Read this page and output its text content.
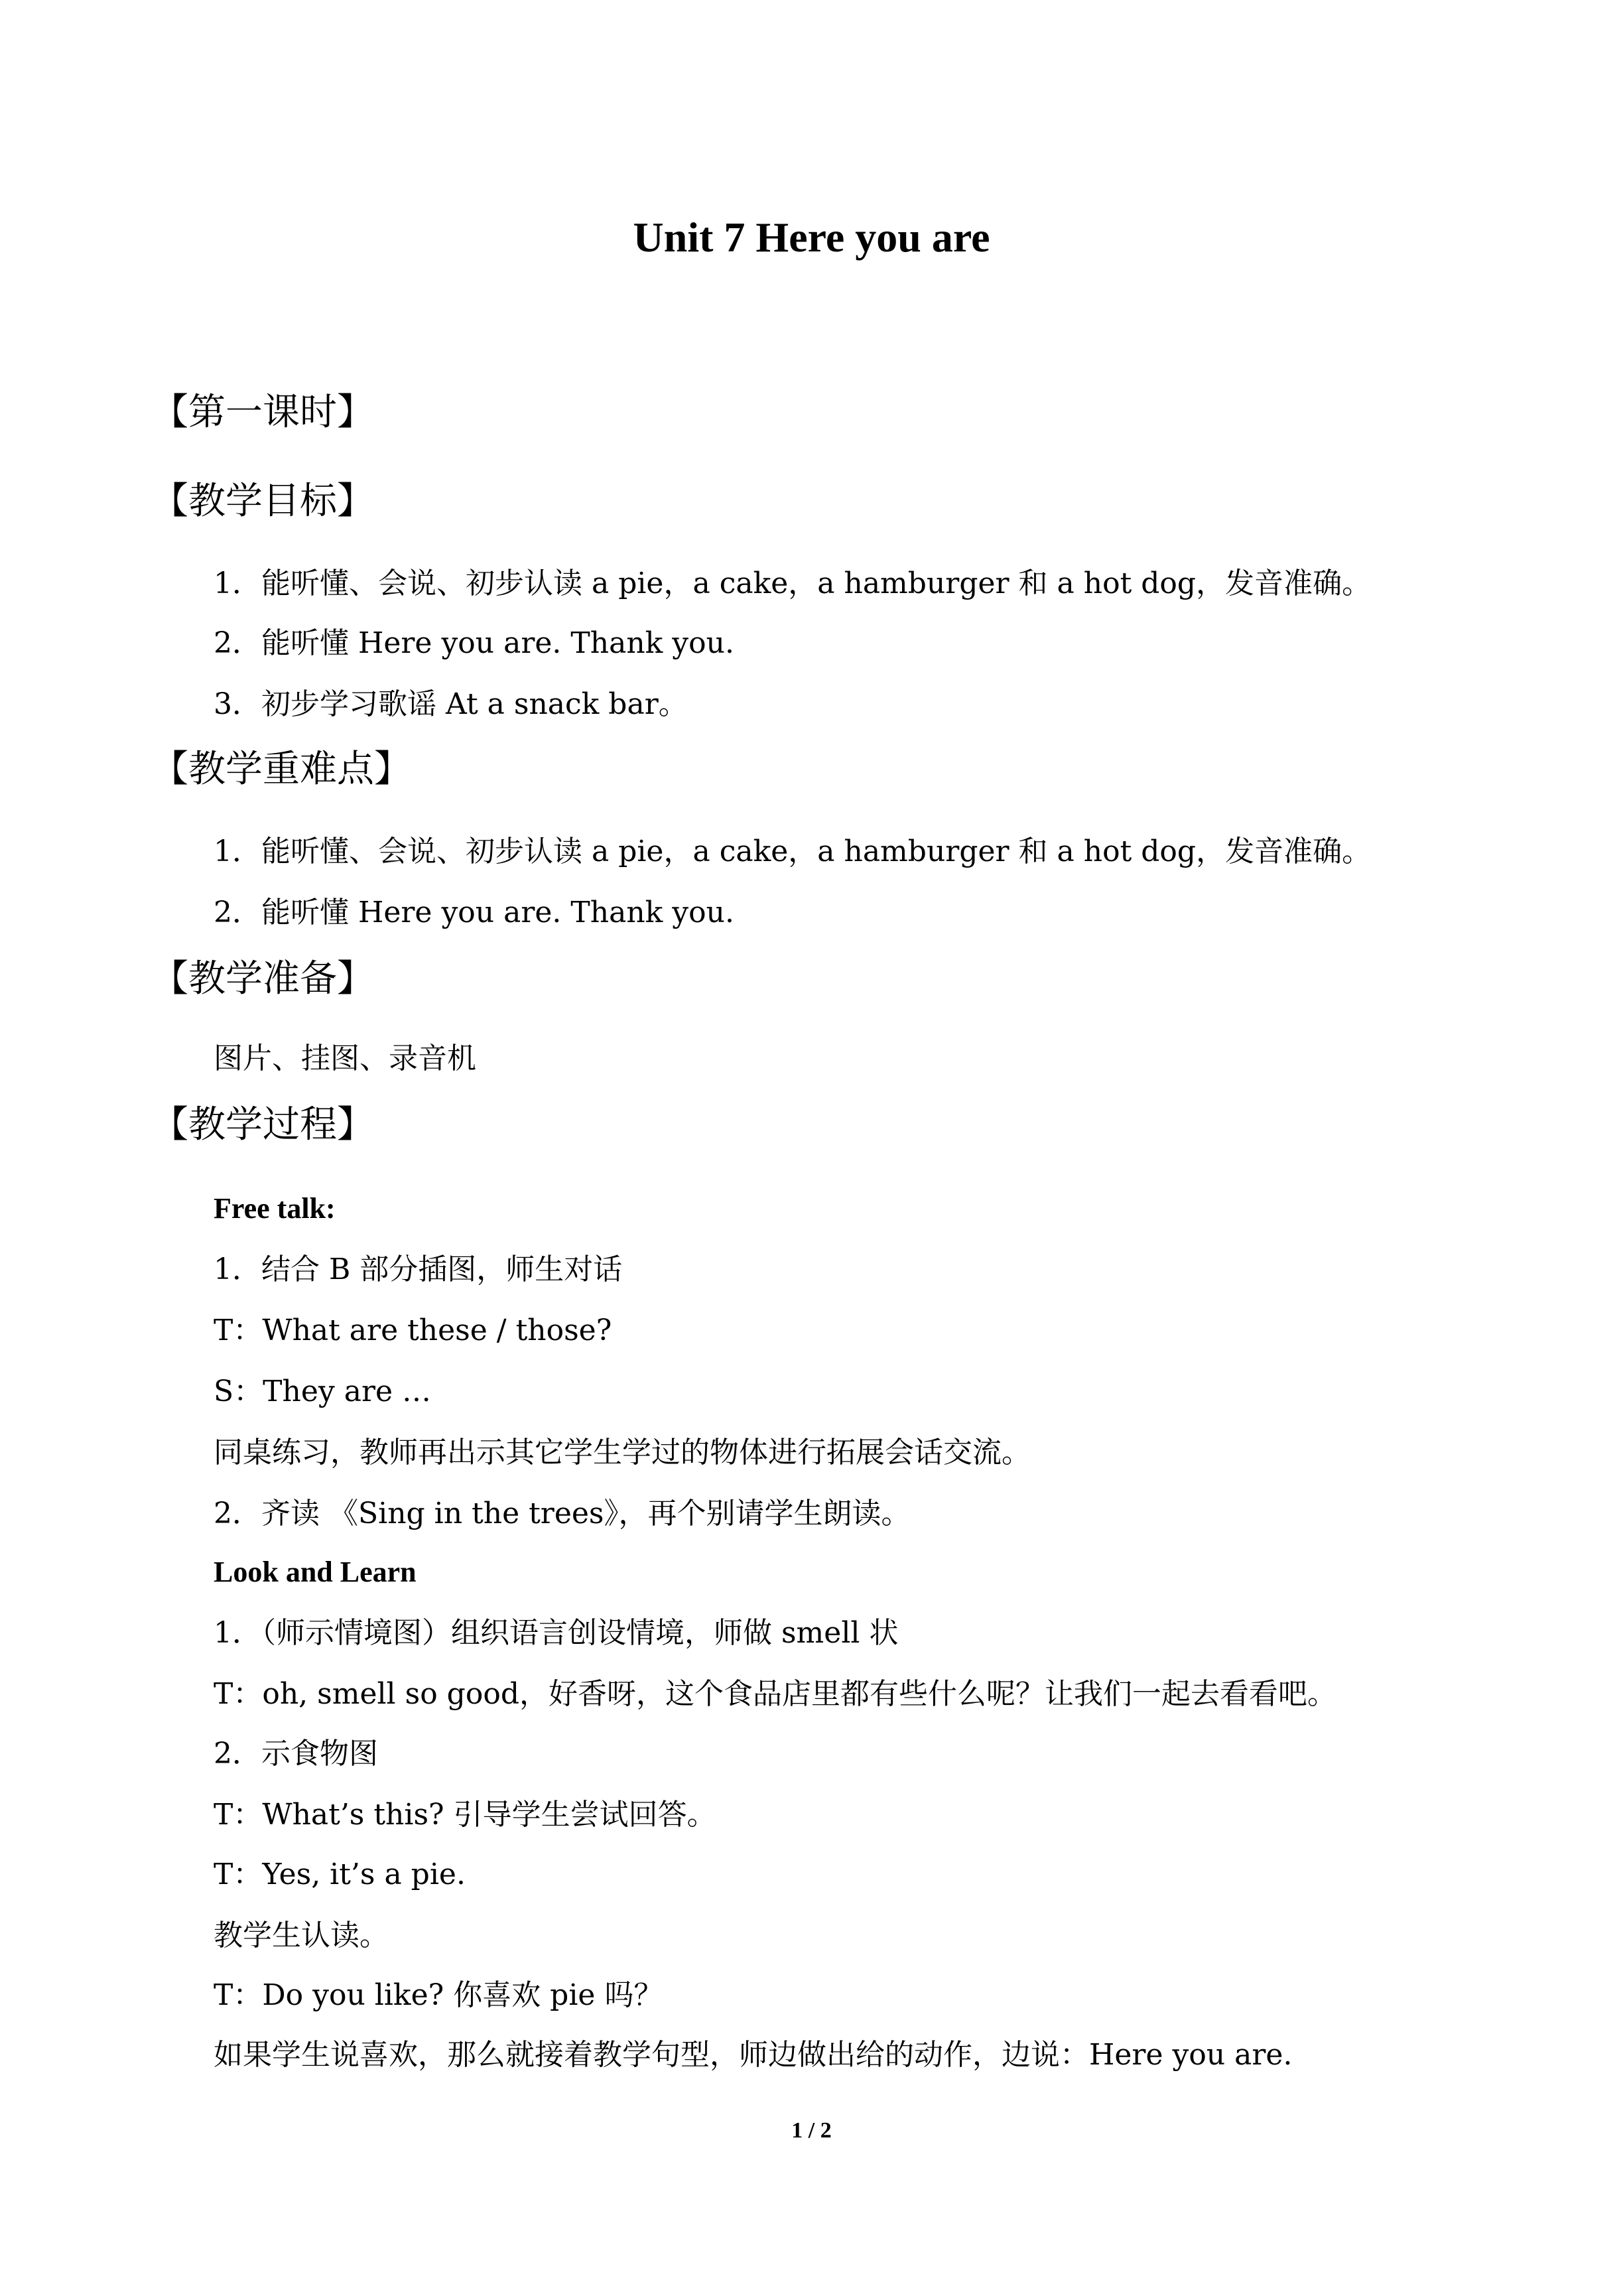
Unit 7 Here you are
【第一课时】
【教学目标】
1．能听懂、会说、初步认读 a pie，a cake，a hamburger 和 a hot dog，发音准确。
2．能听懂 Here you are. Thank you.
3．初步学习歌谣 At a snack bar。
【教学重难点】
1．能听懂、会说、初步认读 a pie，a cake，a hamburger 和 a hot dog，发音准确。
2．能听懂 Here you are. Thank you.
【教学准备】
图片、挂图、录音机
【教学过程】
Free talk:
1．结合 B 部分插图，师生对话
T：What are these / those?
S：They are …
同桌练习，教师再出示其它学生学过的物体进行拓展会话交流。
2．齐读 《Sing in the trees》，再个别请学生朗读。
Look and Learn
1．（师示情境图）组织语言创设情境，师做 smell 状
T：oh, smell so good，好香呀，这个食品店里都有些什么呢？让我们一起去看看吧。
2．示食物图
T：What’s this? 引导学生尝试回答。
T：Yes, it’s a pie.
教学生认读。
T：Do you like? 你喜欢 pie 吗？
如果学生说喜欢，那么就接着教学句型，师边做出给的动作，边说：Here you are.
1 / 2
